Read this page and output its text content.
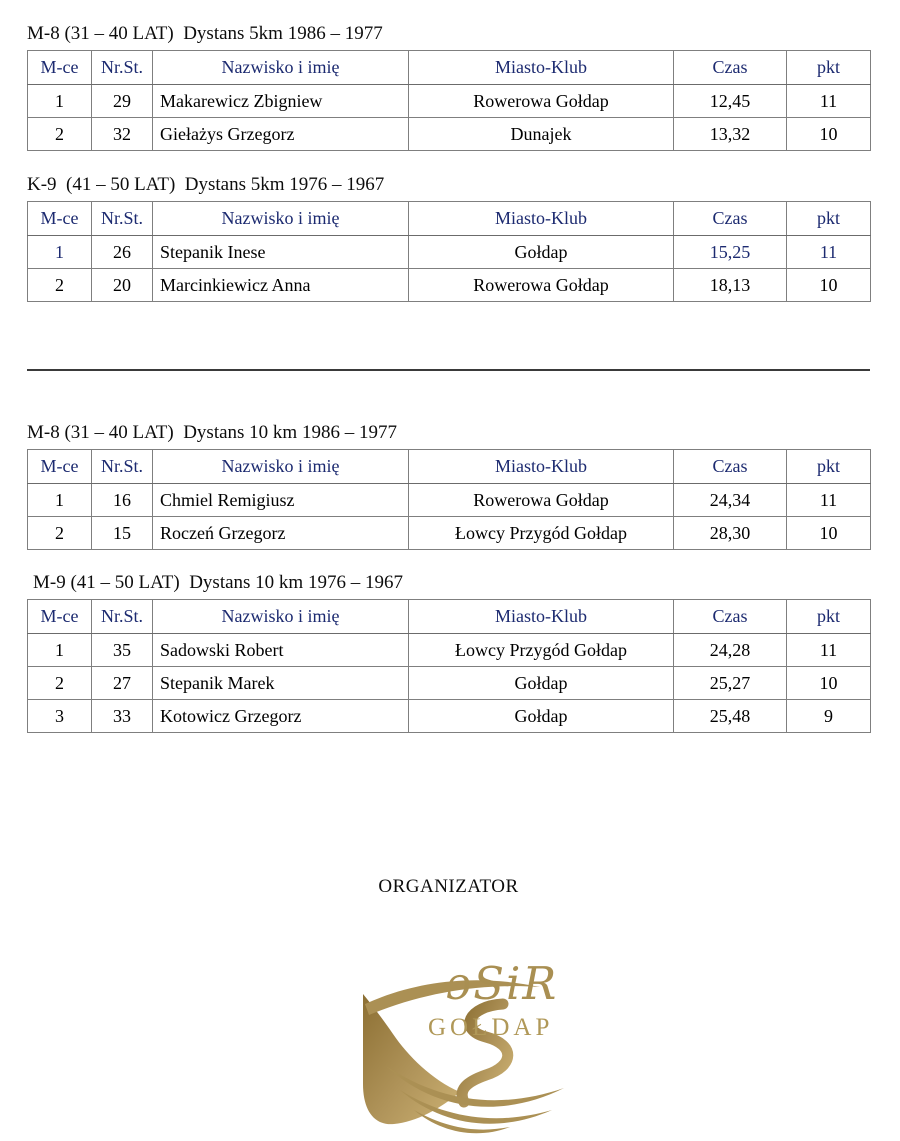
M-8 (31 – 40 LAT)  Dystans 5km 1986 – 1977
M-ce	Nr.St.	Nazwisko i imię	Miasto-Klub	Czas	pkt
1	29	Makarewicz Zbigniew	Rowerowa Gołdap	12,45	11
2	32	Giełażys Grzegorz	Dunajek	13,32	10
K-9  (41 – 50 LAT)  Dystans 5km 1976 – 1967
M-ce	Nr.St.	Nazwisko i imię	Miasto-Klub	Czas	pkt
1	26	Stepanik Inese	Gołdap	15,25	11
2	20	Marcinkiewicz Anna	Rowerowa Gołdap	18,13	10
M-8 (31 – 40 LAT)  Dystans 10 km 1986 – 1977
M-ce	Nr.St.	Nazwisko i imię	Miasto-Klub	Czas	pkt
1	16	Chmiel Remigiusz	Rowerowa Gołdap	24,34	11
2	15	Roczeń Grzegorz	Łowcy Przygód Gołdap	28,30	10
M-9 (41 – 50 LAT)  Dystans 10 km 1976 – 1967
M-ce	Nr.St.	Nazwisko i imię	Miasto-Klub	Czas	pkt
1	35	Sadowski Robert	Łowcy Przygód Gołdap	24,28	11
2	27	Stepanik Marek	Gołdap	25,27	10
3	33	Kotowicz Grzegorz	Gołdap	25,48	9
ORGANIZATOR
ɔSiR
GOŁDAP
